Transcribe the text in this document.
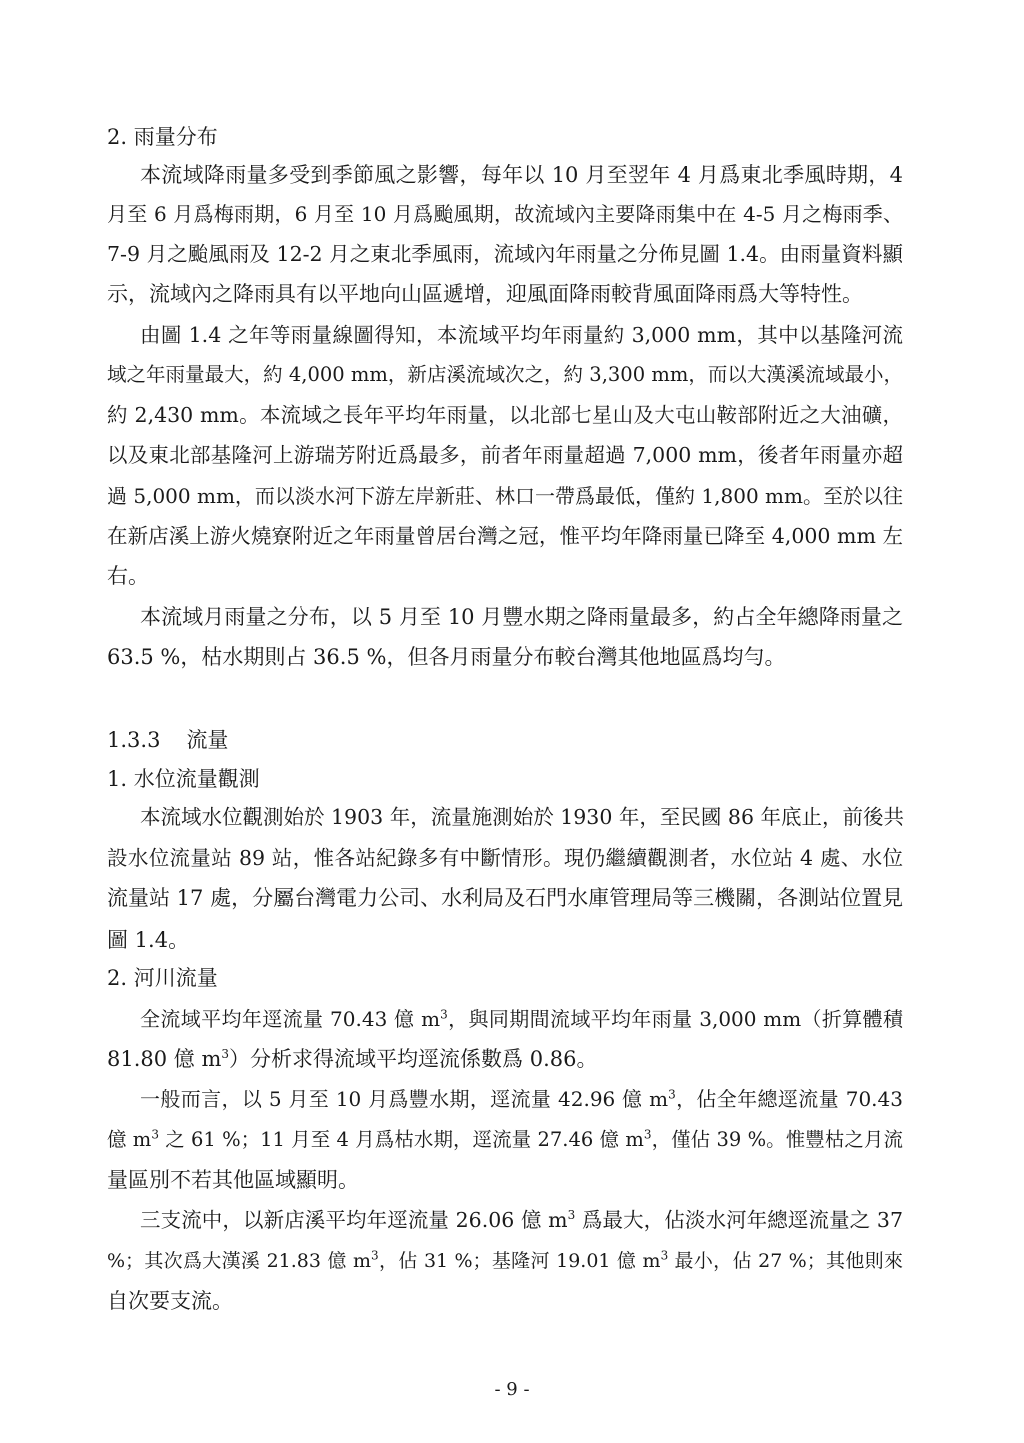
2. 雨量分布
本流域降雨量多受到季節風之影響，每年以 10 月至翌年 4 月爲東北季風時期，4
月至 6 月爲梅雨期，6 月至 10 月爲颱風期，故流域內主要降雨集中在 4-5 月之梅雨季、
7-9 月之颱風雨及 12-2 月之東北季風雨，流域內年雨量之分佈見圖 1.4。由雨量資料顯
示，流域內之降雨具有以平地向山區遞增，迎風面降雨較背風面降雨爲大等特性。
由圖 1.4 之年等雨量線圖得知，本流域平均年雨量約 3,000 mm，其中以基隆河流
域之年雨量最大，約 4,000 mm，新店溪流域次之，約 3,300 mm，而以大漢溪流域最小，
約 2,430 mm。本流域之長年平均年雨量，以北部七星山及大屯山鞍部附近之大油礦，
以及東北部基隆河上游瑞芳附近爲最多，前者年雨量超過 7,000 mm，後者年雨量亦超
過 5,000 mm，而以淡水河下游左岸新莊、林口一帶爲最低，僅約 1,800 mm。至於以往
在新店溪上游火燒寮附近之年雨量曾居台灣之冠，惟平均年降雨量已降至 4,000 mm 左
右。
本流域月雨量之分布，以 5 月至 10 月豐水期之降雨量最多，約占全年總降雨量之
63.5 %，枯水期則占 36.5 %，但各月雨量分布較台灣其他地區爲均勻。
1.3.3 流量
1. 水位流量觀測
本流域水位觀測始於 1903 年，流量施測始於 1930 年，至民國 86 年底止，前後共
設水位流量站 89 站，惟各站紀錄多有中斷情形。現仍繼續觀測者，水位站 4 處、水位
流量站 17 處，分屬台灣電力公司、水利局及石門水庫管理局等三機關，各測站位置見
圖 1.4。
2. 河川流量
全流域平均年逕流量 70.43 億 $m^3$，與同期間流域平均年雨量 3,000 mm（折算體積
81.80 億 $m^3$）分析求得流域平均逕流係數爲 0.86。
一般而言，以 5 月至 10 月爲豐水期，逕流量 42.96 億 $m^3$，佔全年總逕流量 70.43
億 $m^3$ 之 61 %；11 月至 4 月爲枯水期，逕流量 27.46 億 $m^3$，僅佔 39 %。惟豐枯之月流
量區別不若其他區域顯明。
三支流中，以新店溪平均年逕流量 26.06 億 $m^3$ 爲最大，佔淡水河年總逕流量之 37
%；其次爲大漢溪 21.83 億 $m^3$，佔 31 %；基隆河 19.01 億 $m^3$ 最小，佔 27 %；其他則來
自次要支流。
- 9 -
